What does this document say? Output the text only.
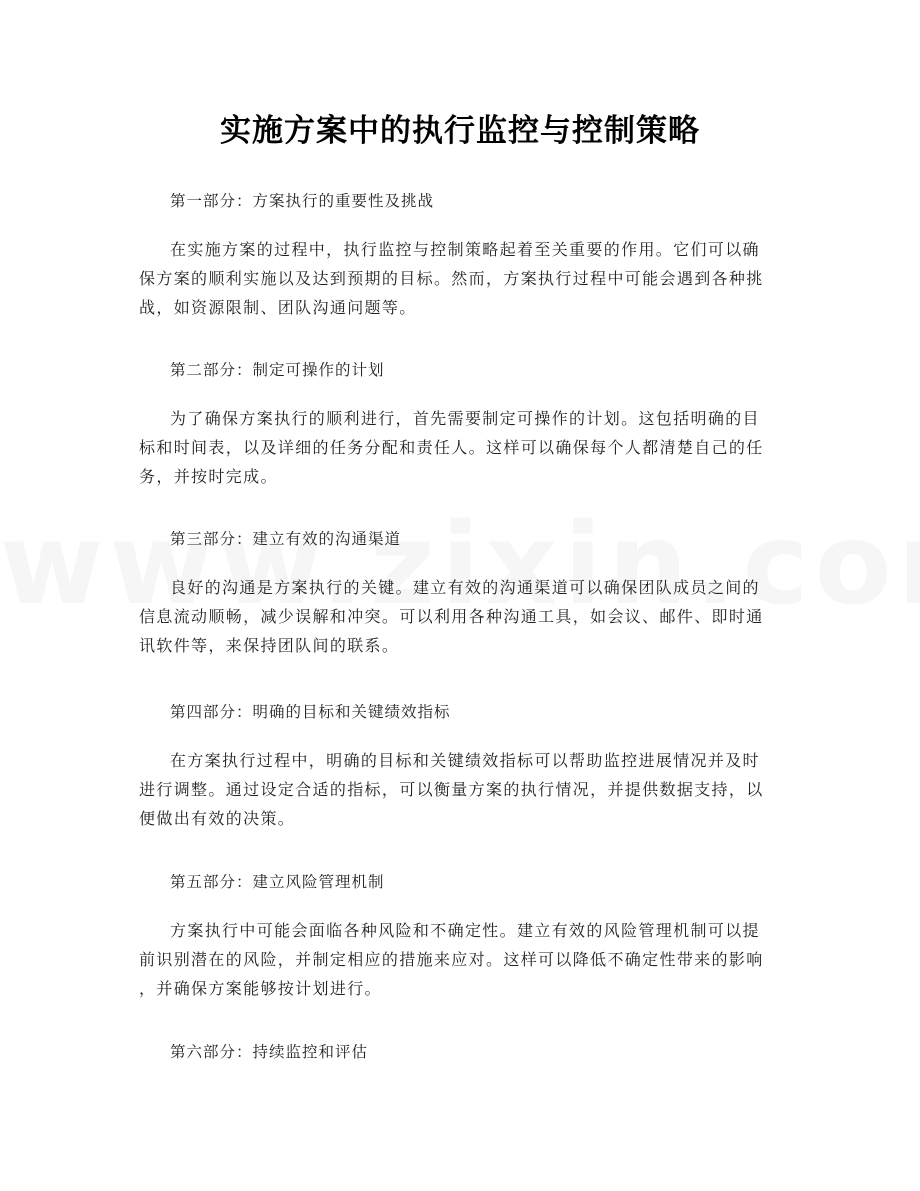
实施方案中的执行监控与控制策略
第一部分：方案执行的重要性及挑战
在实施方案的过程中，执行监控与控制策略起着至关重要的作用。它们可以确
保方案的顺利实施以及达到预期的目标。然而，方案执行过程中可能会遇到各种挑
战，如资源限制、团队沟通问题等。
第二部分：制定可操作的计划
为了确保方案执行的顺利进行，首先需要制定可操作的计划。这包括明确的目
标和时间表，以及详细的任务分配和责任人。这样可以确保每个人都清楚自己的任
务，并按时完成。
第三部分：建立有效的沟通渠道
良好的沟通是方案执行的关键。建立有效的沟通渠道可以确保团队成员之间的
信息流动顺畅，减少误解和冲突。可以利用各种沟通工具，如会议、邮件、即时通
讯软件等，来保持团队间的联系。
第四部分：明确的目标和关键绩效指标
在方案执行过程中，明确的目标和关键绩效指标可以帮助监控进展情况并及时
进行调整。通过设定合适的指标，可以衡量方案的执行情况，并提供数据支持，以
便做出有效的决策。
第五部分：建立风险管理机制
方案执行中可能会面临各种风险和不确定性。建立有效的风险管理机制可以提
前识别潜在的风险，并制定相应的措施来应对。这样可以降低不确定性带来的影响
，并确保方案能够按计划进行。
第六部分：持续监控和评估
